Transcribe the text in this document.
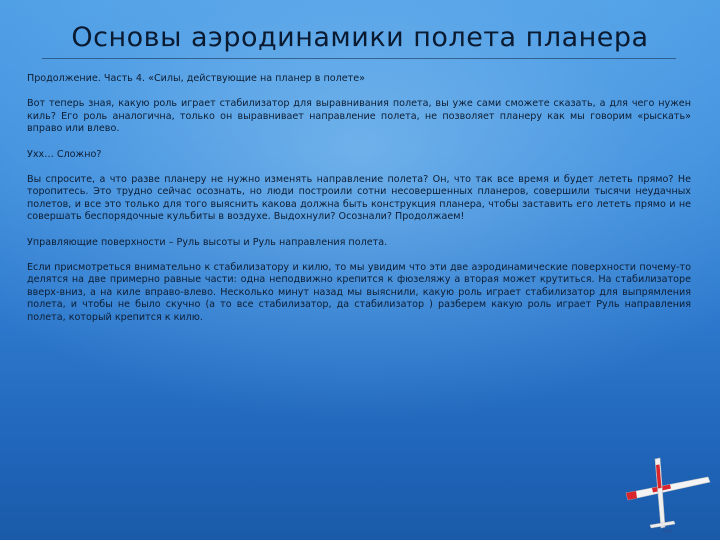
Основы аэродинамики полета планера

Продолжение. Часть 4. «Силы, действующие на планер в полете»

Вот теперь зная, какую роль играет стабилизатор для выравнивания полета, вы уже сами сможете сказать, а для чего нужен киль? Его роль аналогична, только он выравнивает направление полета, не позволяет планеру как мы говорим «рыскать» вправо или влево.

Ухх… Сложно?

Вы спросите, а что разве планеру не нужно изменять направление полета? Он, что так все время и будет лететь прямо? Не торопитесь. Это трудно сейчас осознать, но люди построили сотни несовершенных планеров, совершили тысячи неудачных полетов, и все это только для того выяснить какова должна быть конструкция планера, чтобы заставить его лететь прямо и не совершать беспорядочные кульбиты в воздухе. Выдохнули? Осознали? Продолжаем!

Управляющие поверхности – Руль высоты и Руль направления полета.

Если присмотреться внимательно к стабилизатору и килю, то мы увидим что эти две аэродинамические поверхности почему-то делятся на две примерно равные части: одна неподвижно крепится к фюзеляжу а вторая может крутиться. На стабилизаторе вверх-вниз, а на киле вправо-влево. Несколько минут назад мы выяснили, какую роль играет стабилизатор для выпрямления полета, и чтобы не было скучно (а то все стабилизатор, да стабилизатор ) разберем какую роль играет Руль направления полета, который крепится к килю.
